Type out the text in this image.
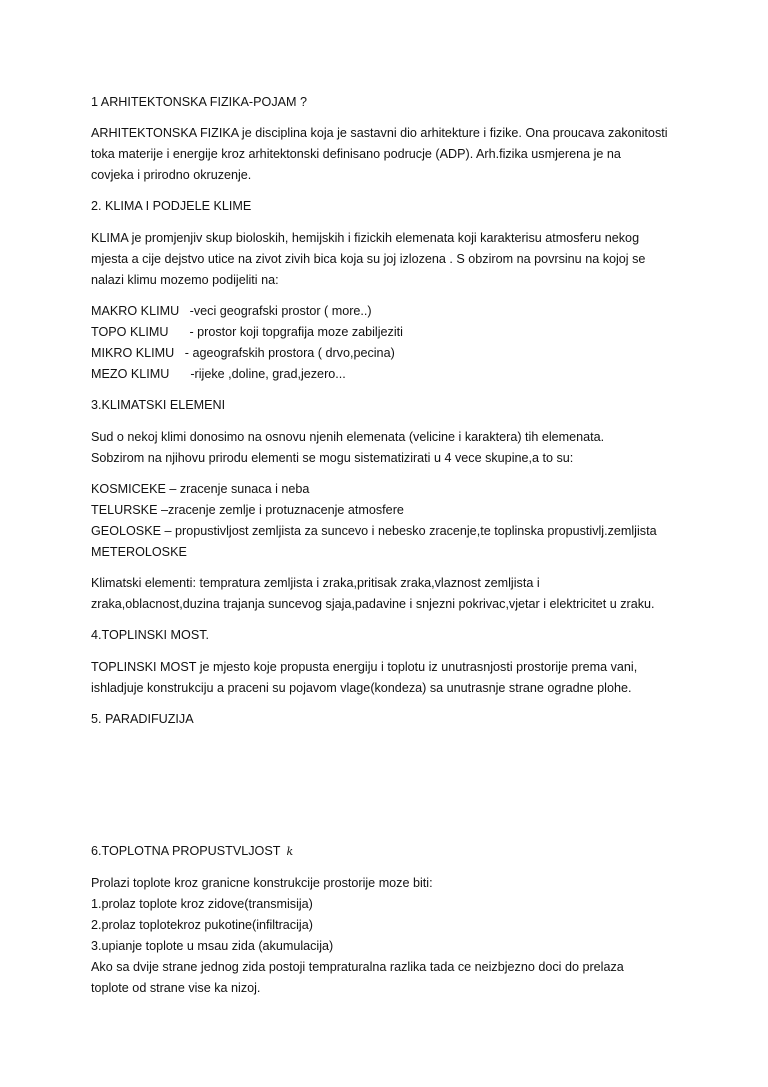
1 ARHITEKTONSKA FIZIKA-POJAM ?
ARHITEKTONSKA FIZIKA je disciplina koja je sastavni dio arhitekture i fizike. Ona proucava zakonitosti
toka materije i energije kroz arhitektonski definisano podrucje (ADP). Arh.fizika usmjerena je na
covjeka i prirodno okruzenje.
2. KLIMA I PODJELE KLIME
KLIMA je promjenjiv skup bioloskih, hemijskih i fizickih elemenata koji karakterisu atmosferu nekog
mjesta a cije dejstvo utice na zivot zivih bica koja su joj izlozena . S obzirom na povrsinu na kojoj se
nalazi klimu mozemo podijeliti na:
MAKRO KLIMU   -veci geografski prostor ( more..)
TOPO KLIMU      - prostor koji topgrafija moze zabiljeziti
MIKRO KLIMU   - ageografskih prostora ( drvo,pecina)
MEZO KLIMU      -rijeke ,doline, grad,jezero...
3.KLIMATSKI ELEMENI
Sud o nekoj klimi donosimo na osnovu njenih elemenata (velicine i karaktera) tih elemenata.
Sobzirom na njihovu prirodu elementi se mogu sistematizirati u 4 vece skupine,a to su:
KOSMICEKE – zracenje sunaca i neba
TELURSKE –zracenje zemlje i protuznacenje atmosfere
GEOLOSKE – propustivljost zemljista za suncevo i nebesko zracenje,te toplinska propustivlj.zemljista
METEROLOSKE
Klimatski elementi: tempratura zemljista i zraka,pritisak zraka,vlaznost zemljista i
zraka,oblacnost,duzina trajanja suncevog sjaja,padavine i snjezni pokrivac,vjetar i elektricitet u zraku.
4.TOPLINSKI MOST.
TOPLINSKI MOST je mjesto koje propusta energiju i toplotu iz unutrasnjosti prostorije prema vani,
ishladjuje konstrukciju a praceni su pojavom vlage(kondeza) sa unutrasnje strane ogradne plohe.
5. PARADIFUZIJA
6.TOPLOTNA PROPUSTVLJOST k
Prolazi toplote kroz granicne konstrukcije prostorije moze biti:
1.prolaz toplote kroz zidove(transmisija)
2.prolaz toplotekroz pukotine(infiltracija)
3.upianje toplote u msau zida (akumulacija)
Ako sa dvije strane jednog zida postoji tempraturalna razlika tada ce neizbjezno doci do prelaza
toplote od strane vise ka nizoj.
